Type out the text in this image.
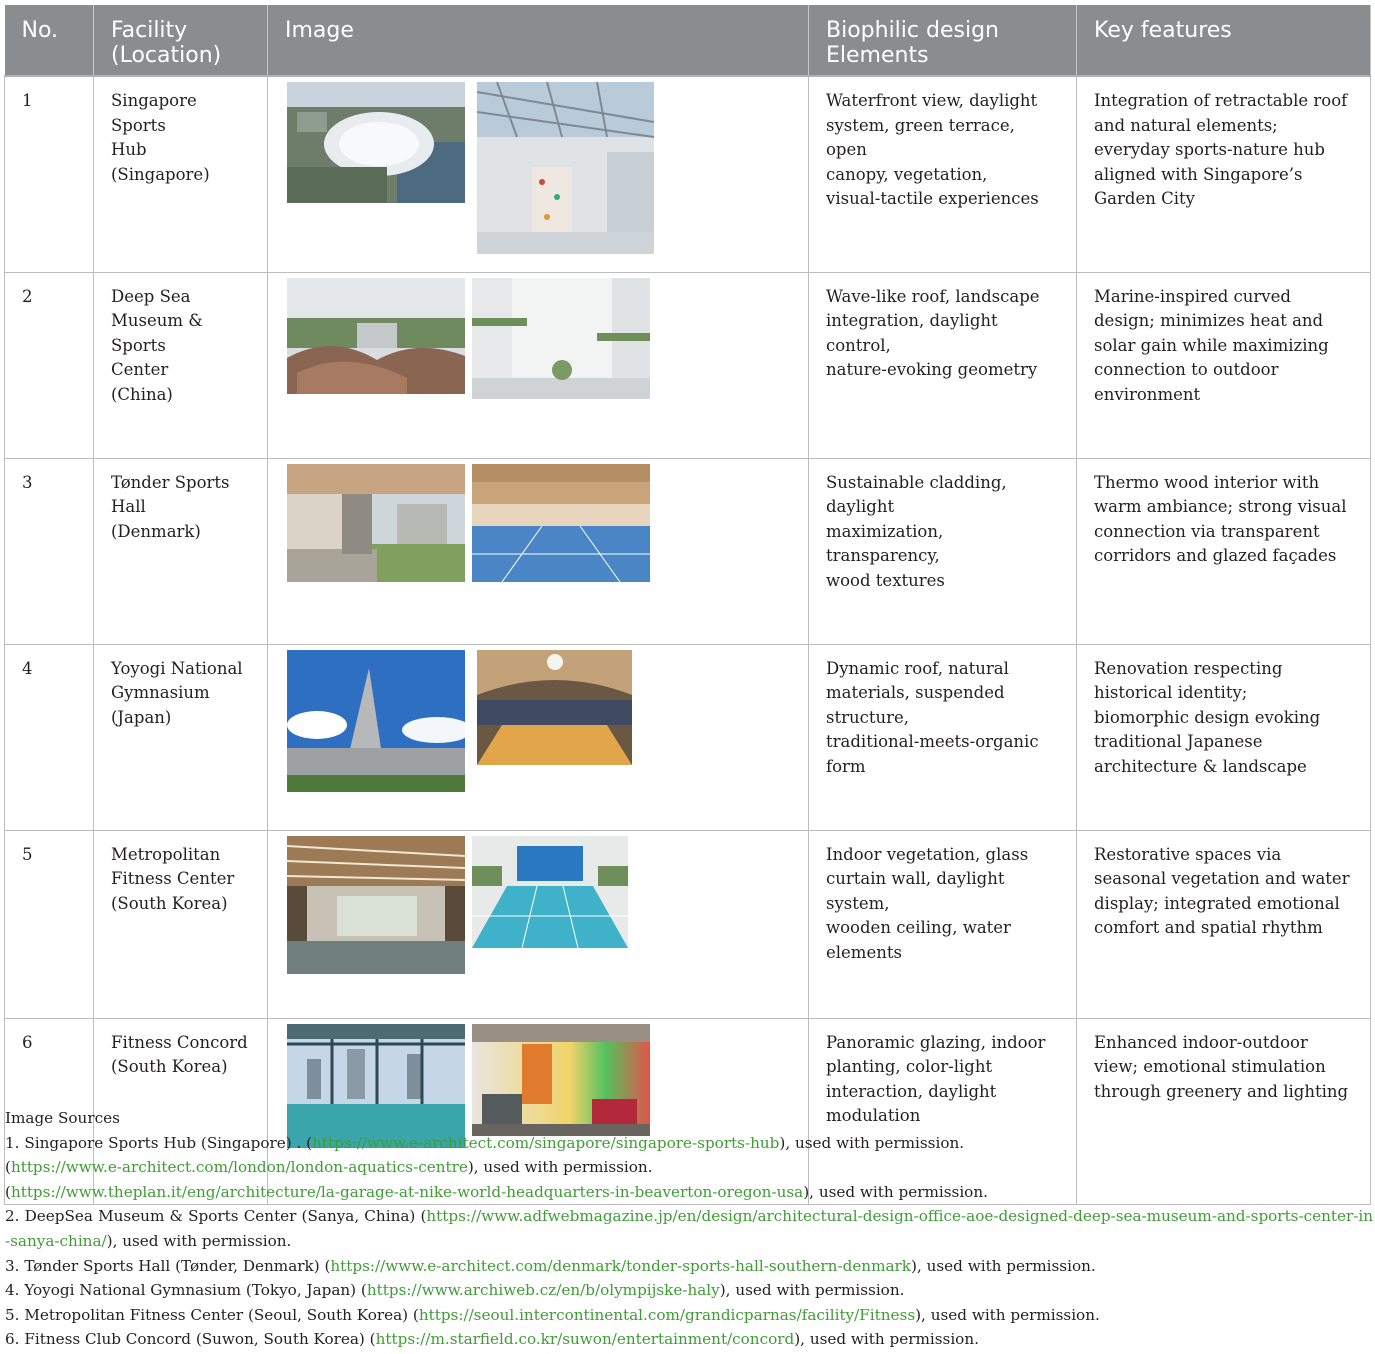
No.	Facility
(Location)	Image	Biophilic design
Elements	Key features
1	Singapore Sports
Hub
(Singapore)		Waterfront view, daylight
system, green terrace, open
canopy, vegetation,
visual-tactile experiences	Integration of retractable roof
and natural elements;
everyday sports-nature hub
aligned with Singapore’s
Garden City
2	Deep Sea
Museum & Sports
Center
(China)		Wave-like roof, landscape
integration, daylight control,
nature-evoking geometry	Marine-inspired curved
design; minimizes heat and
solar gain while maximizing
connection to outdoor
environment
3	Tønder Sports
Hall
(Denmark)		Sustainable cladding, daylight
maximization, transparency,
wood textures	Thermo wood interior with
warm ambiance; strong visual
connection via transparent
corridors and glazed façades
4	Yoyogi National
Gymnasium
(Japan)		Dynamic roof, natural
materials, suspended
structure,
traditional-meets-organic
form	Renovation respecting
historical identity;
biomorphic design evoking
traditional Japanese
architecture & landscape
5	Metropolitan
Fitness Center
(South Korea)		Indoor vegetation, glass
curtain wall, daylight system,
wooden ceiling, water
elements	Restorative spaces via
seasonal vegetation and water
display; integrated emotional
comfort and spatial rhythm
6	Fitness Concord
(South Korea)		Panoramic glazing, indoor
planting, color-light
interaction, daylight
modulation	Enhanced indoor-outdoor
view; emotional stimulation
through greenery and lighting

Image Sources

1. Singapore Sports Hub (Singapore) . (https://www.e-architect.com/singapore/singapore-sports-hub), used with permission.

(https://www.e-architect.com/london/london-aquatics-centre), used with permission.

(https://www.theplan.it/eng/architecture/la-garage-at-nike-world-headquarters-in-beaverton-oregon-usa), used with permission.

2. DeepSea Museum & Sports Center (Sanya, China) (https://www.adfwebmagazine.jp/en/design/architectural-design-office-aoe-designed-deep-sea-museum-and-sports-center-in-sanya-china/), used with permission.

3. Tønder Sports Hall (Tønder, Denmark) (https://www.e-architect.com/denmark/tonder-sports-hall-southern-denmark), used with permission.

4. Yoyogi National Gymnasium (Tokyo, Japan) (https://www.archiweb.cz/en/b/olympijske-haly), used with permission.

5. Metropolitan Fitness Center (Seoul, South Korea) (https://seoul.intercontinental.com/grandicparnas/facility/Fitness), used with permission.

6. Fitness Club Concord (Suwon, South Korea) (https://m.starfield.co.kr/suwon/entertainment/concord), used with permission.
